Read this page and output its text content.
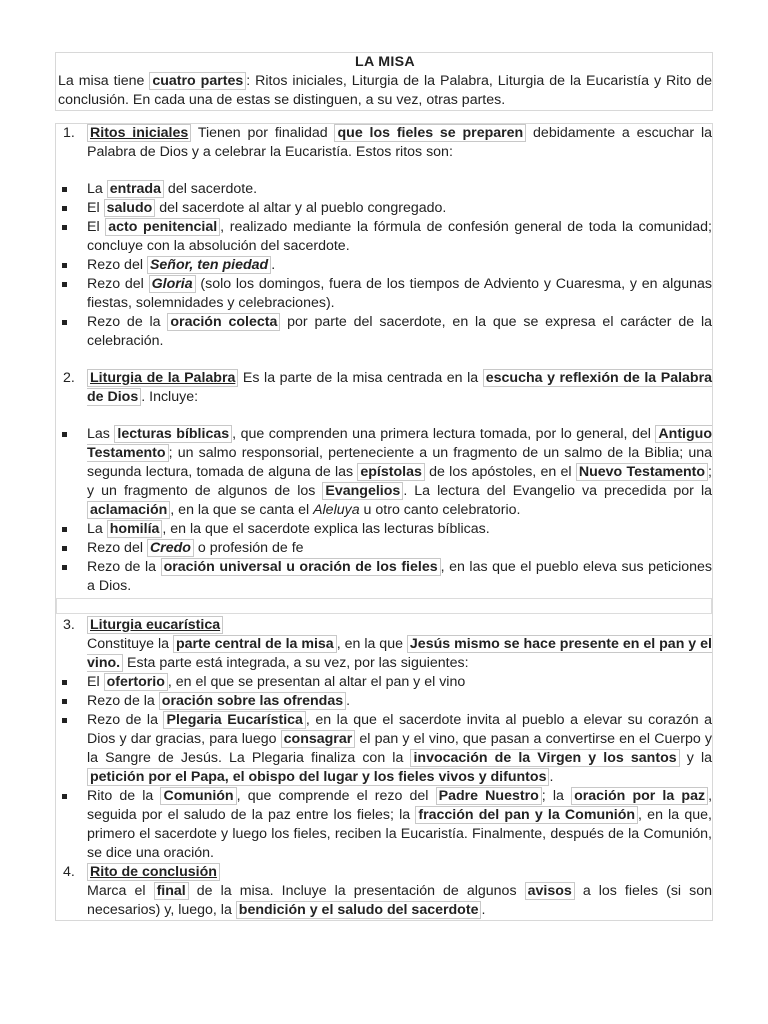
LA MISA
La misa tiene cuatro partes : Ritos iniciales, Liturgia de la Palabra, Liturgia de la Eucaristía y Rito de conclusión. En cada una de estas se distinguen, a su vez, otras partes.
1. Ritos iniciales Tienen por finalidad que los fieles se preparen debidamente a escuchar la Palabra de Dios y a celebrar la Eucaristía. Estos ritos son:
La entrada del sacerdote.
El saludo del sacerdote al altar y al pueblo congregado.
El acto penitencial , realizado mediante la fórmula de confesión general de toda la comunidad; concluye con la absolución del sacerdote.
Rezo del Señor, ten piedad .
Rezo del Gloria (solo los domingos, fuera de los tiempos de Adviento y Cuaresma, y en algunas fiestas, solemnidades y celebraciones).
Rezo de la oración colecta por parte del sacerdote, en la que se expresa el carácter de la celebración.
2. Liturgia de la Palabra Es la parte de la misa centrada en la escucha y reflexión de la Palabra de Dios . Incluye:
Las lecturas bíblicas , que comprenden una primera lectura tomada, por lo general, del Antiguo Testamento ; un salmo responsorial, perteneciente a un fragmento de un salmo de la Biblia; una segunda lectura, tomada de alguna de las epístolas de los apóstoles, en el Nuevo Testamento ; y un fragmento de algunos de los Evangelios . La lectura del Evangelio va precedida por la aclamación , en la que se canta el Aleluya u otro canto celebratorio.
La homilía , en la que el sacerdote explica las lecturas bíblicas.
Rezo del Credo o profesión de fe
Rezo de la oración universal u oración de los fieles , en las que el pueblo eleva sus peticiones a Dios.
3. Liturgia eucarística
Constituye la parte central de la misa , en la que Jesús mismo se hace presente en el pan y el vino. Esta parte está integrada, a su vez, por las siguientes:
El ofertorio , en el que se presentan al altar el pan y el vino
Rezo de la oración sobre las ofrendas .
Rezo de la Plegaria Eucarística , en la que el sacerdote invita al pueblo a elevar su corazón a Dios y dar gracias, para luego consagrar el pan y el vino, que pasan a convertirse en el Cuerpo y la Sangre de Jesús. La Plegaria finaliza con la invocación de la Virgen y los santos y la petición por el Papa, el obispo del lugar y los fieles vivos y difuntos .
Rito de la Comunión , que comprende el rezo del Padre Nuestro ; la oración por la paz , seguida por el saludo de la paz entre los fieles; la fracción del pan y la Comunión , en la que, primero el sacerdote y luego los fieles, reciben la Eucaristía. Finalmente, después de la Comunión, se dice una oración.
4. Rito de conclusión
Marca el final de la misa. Incluye la presentación de algunos avisos a los fieles (si son necesarios) y, luego, la bendición y el saludo del sacerdote .
